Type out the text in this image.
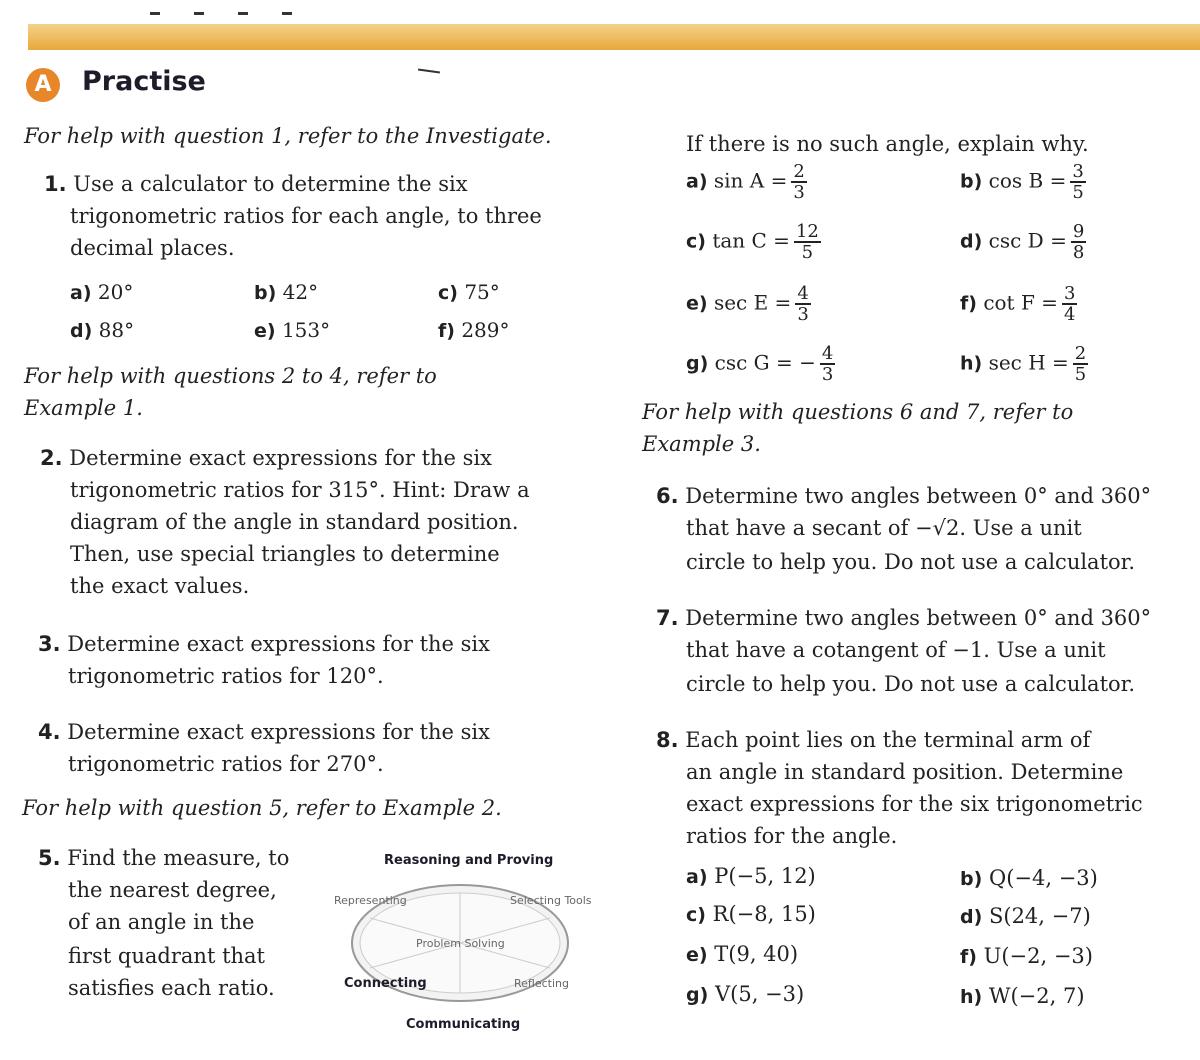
A	Practise
For help with question 1, refer to the Investigate.
1. Use a calculator to determine the six
trigonometric ratios for each angle, to three
decimal places.
a) 20°	b) 42°	c) 75°
d) 88°	e) 153°	f) 289°
For help with questions 2 to 4, refer to
Example 1.
2. Determine exact expressions for the six
trigonometric ratios for 315°. Hint: Draw a
diagram of the angle in standard position.
Then, use special triangles to determine
the exact values.
3. Determine exact expressions for the six
trigonometric ratios for 120°.
4. Determine exact expressions for the six
trigonometric ratios for 270°.
For help with question 5, refer to Example 2.
5. Find the measure, to
the nearest degree,
of an angle in the
first quadrant that
satisfies each ratio.
Reasoning and Proving
Representing	Selecting Tools
Problem Solving
Connecting	Reflecting
Communicating
If there is no such angle, explain why.
a) $\sin A = \frac{2}{3}$	b) $\cos B = \frac{3}{5}$
c) $\tan C = \frac{12}{5}$	d) $\csc D = \frac{9}{8}$
e) $\sec E = \frac{4}{3}$	f) $\cot F = \frac{3}{4}$
g) csc G = − $\frac{4}{3}$	h) $\sec H = \frac{2}{5}$
For help with questions 6 and 7, refer to
Example 3.
6. Determine two angles between 0° and 360°
that have a secant of −√2. Use a unit
circle to help you. Do not use a calculator.
7. Determine two angles between 0° and 360°
that have a cotangent of −1. Use a unit
circle to help you. Do not use a calculator.
8. Each point lies on the terminal arm of
an angle in standard position. Determine
exact expressions for the six trigonometric
ratios for the angle.
a) P(−5, 12)	b) Q(−4, −3)
c) R(−8, 15)	d) S(24, −7)
e) T(9, 40)	f) U(−2, −3)
g) V(5, −3)	h) W(−2, 7)
